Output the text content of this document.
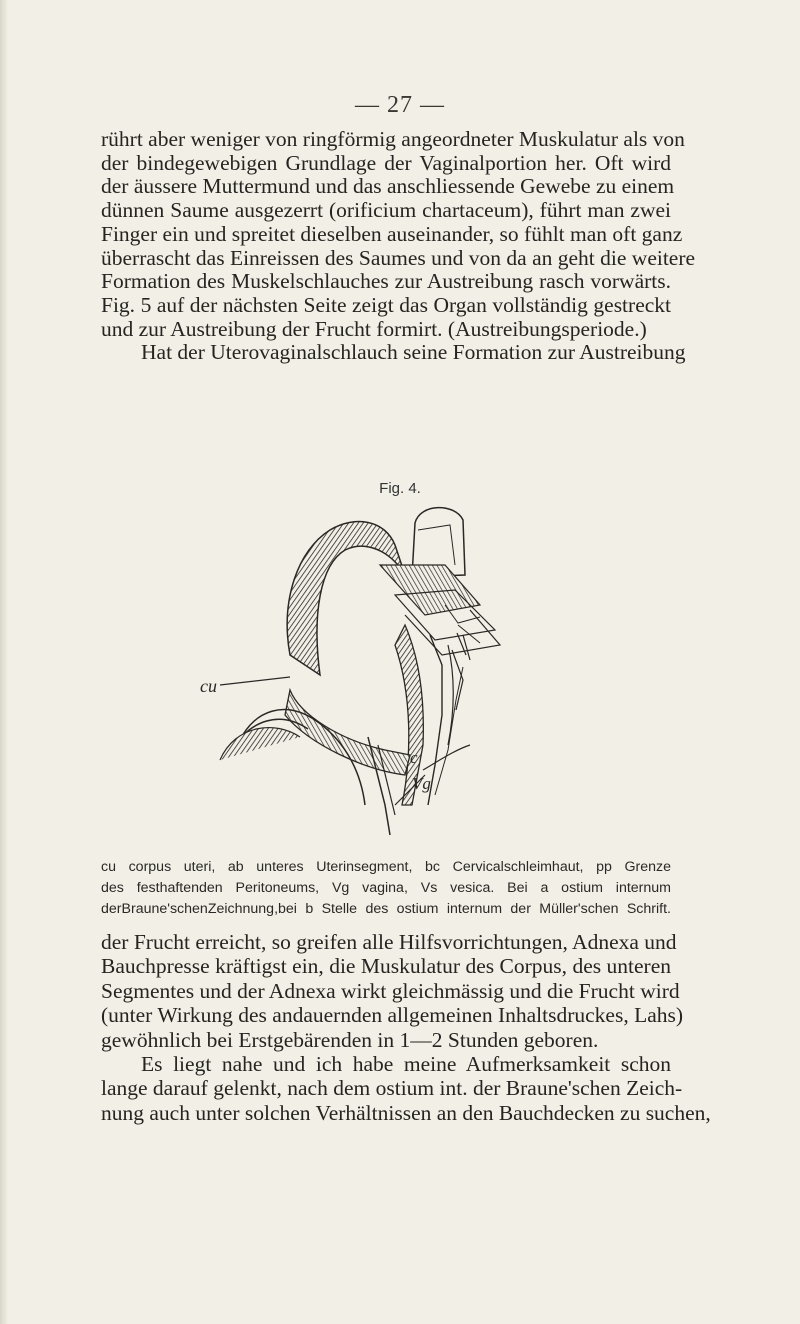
— 27 —
rührt aber weniger von ringförmig angeordneter Muskulatur als von
der bindegewebigen Grundlage der Vaginalportion her. Oft wird
der äussere Muttermund und das anschliessende Gewebe zu einem
dünnen Saume ausgezerrt (orificium chartaceum), führt man zwei
Finger ein und spreitet dieselben auseinander, so fühlt man oft ganz
überrascht das Einreissen des Saumes und von da an geht die weitere
Formation des Muskelschlauches zur Austreibung rasch vorwärts.
Fig. 5 auf der nächsten Seite zeigt das Organ vollständig gestreckt
und zur Austreibung der Frucht formirt. (Austreibungsperiode.)
Hat der Uterovaginalschlauch seine Formation zur Austreibung
Fig. 4.
cu
c
Vg
cu corpus uteri, ab unteres Uterinsegment, bc Cervicalschleimhaut, pp Grenze
des festhaftenden Peritoneums, Vg vagina, Vs vesica. Bei a ostium internum
derBraune'schenZeichnung,bei b Stelle des ostium internum der Müller'schen Schrift.
der Frucht erreicht, so greifen alle Hilfsvorrichtungen, Adnexa und
Bauchpresse kräftigst ein, die Muskulatur des Corpus, des unteren
Segmentes und der Adnexa wirkt gleichmässig und die Frucht wird
(unter Wirkung des andauernden allgemeinen Inhaltsdruckes, Lahs)
gewöhnlich bei Erstgebärenden in 1—2 Stunden geboren.
Es liegt nahe und ich habe meine Aufmerksamkeit schon
lange darauf gelenkt, nach dem ostium int. der Braune'schen Zeich-
nung auch unter solchen Verhältnissen an den Bauchdecken zu suchen,
